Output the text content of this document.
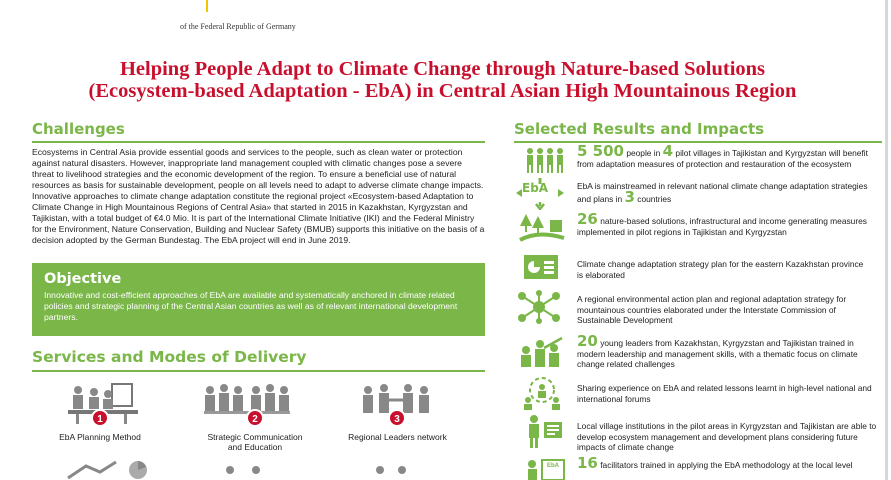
of the Federal Republic of Germany
Helping People Adapt to Climate Change through Nature-based Solutions
(Ecosystem-based Adaptation - EbA) in Central Asian High Mountainous Region
Challenges
Ecosystems in Central Asia provide essential goods and services to the people, such as clean water or protection against natural disasters. However, inappropriate land management coupled with climatic changes pose a severe threat to livelihood strategies and the economic development of the region. To ensure a beneficial use of natural resources as basis for sustainable development, people on all levels need to adapt to adverse climate change impacts. Innovative approaches to climate change adaptation constitute the regional project «Ecosystem-based Adaptation to Climate Change in High Mountainous Regions of Central Asia» that started in 2015 in Kazakhstan, Kyrgyzstan and Tajikistan, with a total budget of €4.0 Mio. It is part of the International Climate Initiative (IKI) and the Federal Ministry for the Environment, Nature Conservation, Building and Nuclear Safety (BMUB) supports this initiative on the basis of a decision adopted by the German Bundestag. The EbA project will end in June 2019.
Objective
Innovative and cost-efficient approaches of EbA are available and systematically anchored in climate related policies and strategic planning of the Central Asian countries as well as of relevant international development partners.
Services and Modes of Delivery
1
EbA Planning Method
2
Strategic Communication
and Education
3
Regional Leaders network
Selected Results and Impacts
5 500 people in 4 pilot villages in Tajikistan and Kyrgyzstan will benefit
from adaptation measures of protection and restauration of the ecosystem
EbA	EbA is mainstreamed in relevant national climate change adaptation strategies
and plans in 3 countries
26 nature-based solutions, infrastructural and income generating measures
implemented in pilot regions in Tajikistan and Kyrgyzstan
Climate change adaptation strategy plan for the eastern Kazakhstan province
is elaborated
A regional environmental action plan and regional adaptation strategy for
mountainous countries elaborated under the Interstate Commission of
Sustainable Development
20 young leaders from Kazakhstan, Kyrgyzstan and Tajikistan trained in
modern leadership and management skills, with a thematic focus on climate
change related challenges
Sharing experience on EbA and related lessons learnt in high-level national and
international forums
Local village institutions in the pilot areas in Kyrgyzstan and Tajikistan are able to
develop ecosystem management and development plans considering future
impacts of climate change
EbA 16 facilitators trained in applying the EbA methodology at the local level
